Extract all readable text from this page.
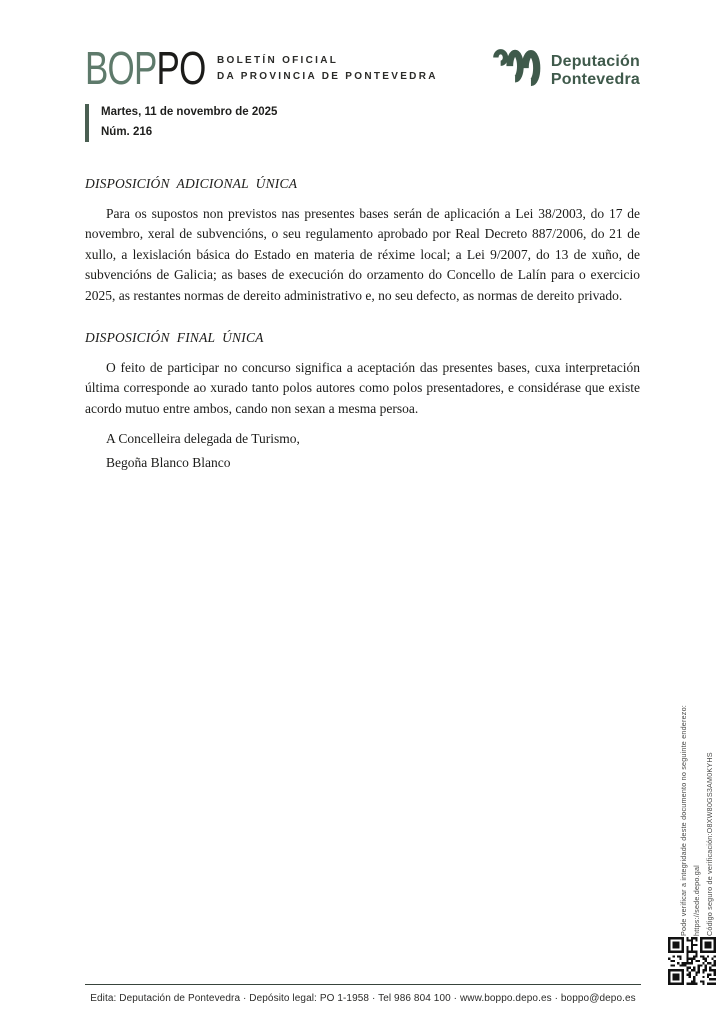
BOPPO BOLETÍN OFICIAL
DA PROVINCIA DE PONTEVEDRA
Deputación
Pontevedra
Martes, 11 de novembro de 2025
Núm. 216
DISPOSICIÓN ADICIONAL ÚNICA

Para os supostos non previstos nas presentes bases serán de aplicación a Lei 38/2003, do 17 de novembro, xeral de subvencións, o seu regulamento aprobado por Real Decreto 887/2006, do 21 de xullo, a lexislación básica do Estado en materia de réxime local; a Lei 9/2007, do 13 de xuño, de subvencións de Galicia; as bases de execución do orzamento do Concello de Lalín para o exercicio 2025, as restantes normas de dereito administrativo e, no seu defecto, as normas de dereito privado.

DISPOSICIÓN FINAL ÚNICA

O feito de participar no concurso significa a aceptación das presentes bases, cuxa interpretación última corresponde ao xurado tanto polos autores como polos presentadores, e considérase que existe acordo mutuo entre ambos, cando non sexan a mesma persoa.

A Concelleira delegada de Turismo,
Begoña Blanco Blanco
Pode verificar a integridade deste documento no seguinte enderezo: https://sede.depo.gal Código seguro de verificación:O8XW80GS3AM0KYHS
Edita: Deputación de Pontevedra · Depósito legal: PO 1-1958 · Tel 986 804 100 · www.boppo.depo.es · boppo@depo.es
